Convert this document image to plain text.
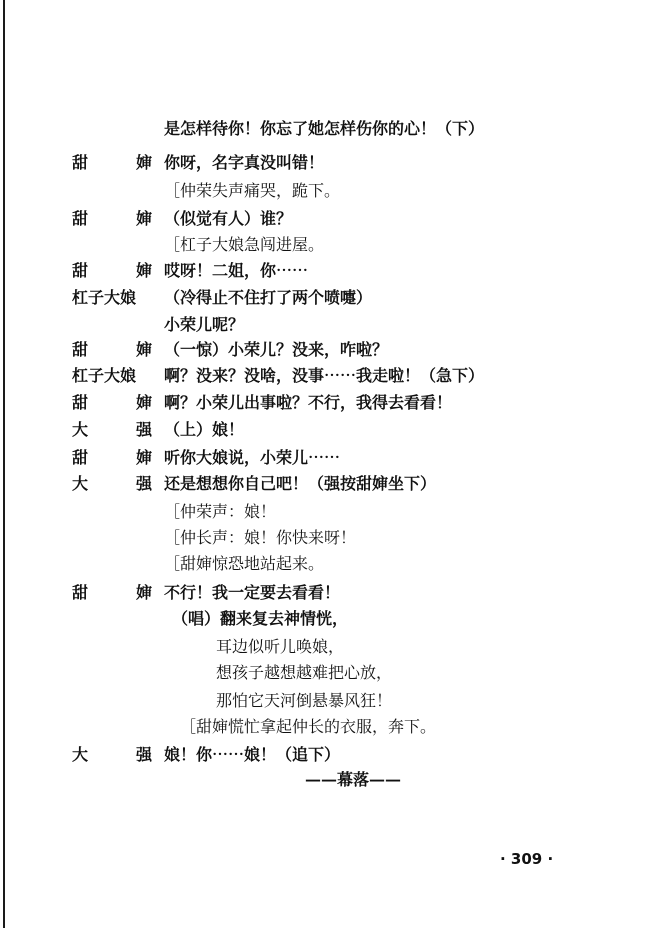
是怎样待你！你忘了她怎样伤你的心！（下）
甜	婶 你呀，名字真没叫错！
［仲荣失声痛哭，跪下。
甜	婶 （似觉有人）谁？
［杠子大娘急闯进屋。
甜	婶 哎呀！二姐，你⋯⋯
杠子大娘	（冷得止不住打了两个喷嚏）
小荣儿呢？
甜	婶 （一惊）小荣儿？没来，咋啦？
杠子大娘	啊？没来？没啥，没事⋯⋯我走啦！（急下）
甜	婶 啊？小荣儿出事啦？不行，我得去看看！
大	强 （上）娘！
甜	婶 听你大娘说，小荣儿⋯⋯
大	强 还是想想你自己吧！（强按甜婶坐下）
［仲荣声：娘！
［仲长声：娘！你快来呀！
［甜婶惊恐地站起来。
甜	婶 不行！我一定要去看看！
（唱）翻来复去神情恍，
耳边似听儿唤娘，
想孩子越想越难把心放，
那怕它天河倒悬暴风狂！
［甜婶慌忙拿起仲长的衣服，奔下。
大	强 娘！你⋯⋯娘！（追下）
——幕落——
· 309 ·
